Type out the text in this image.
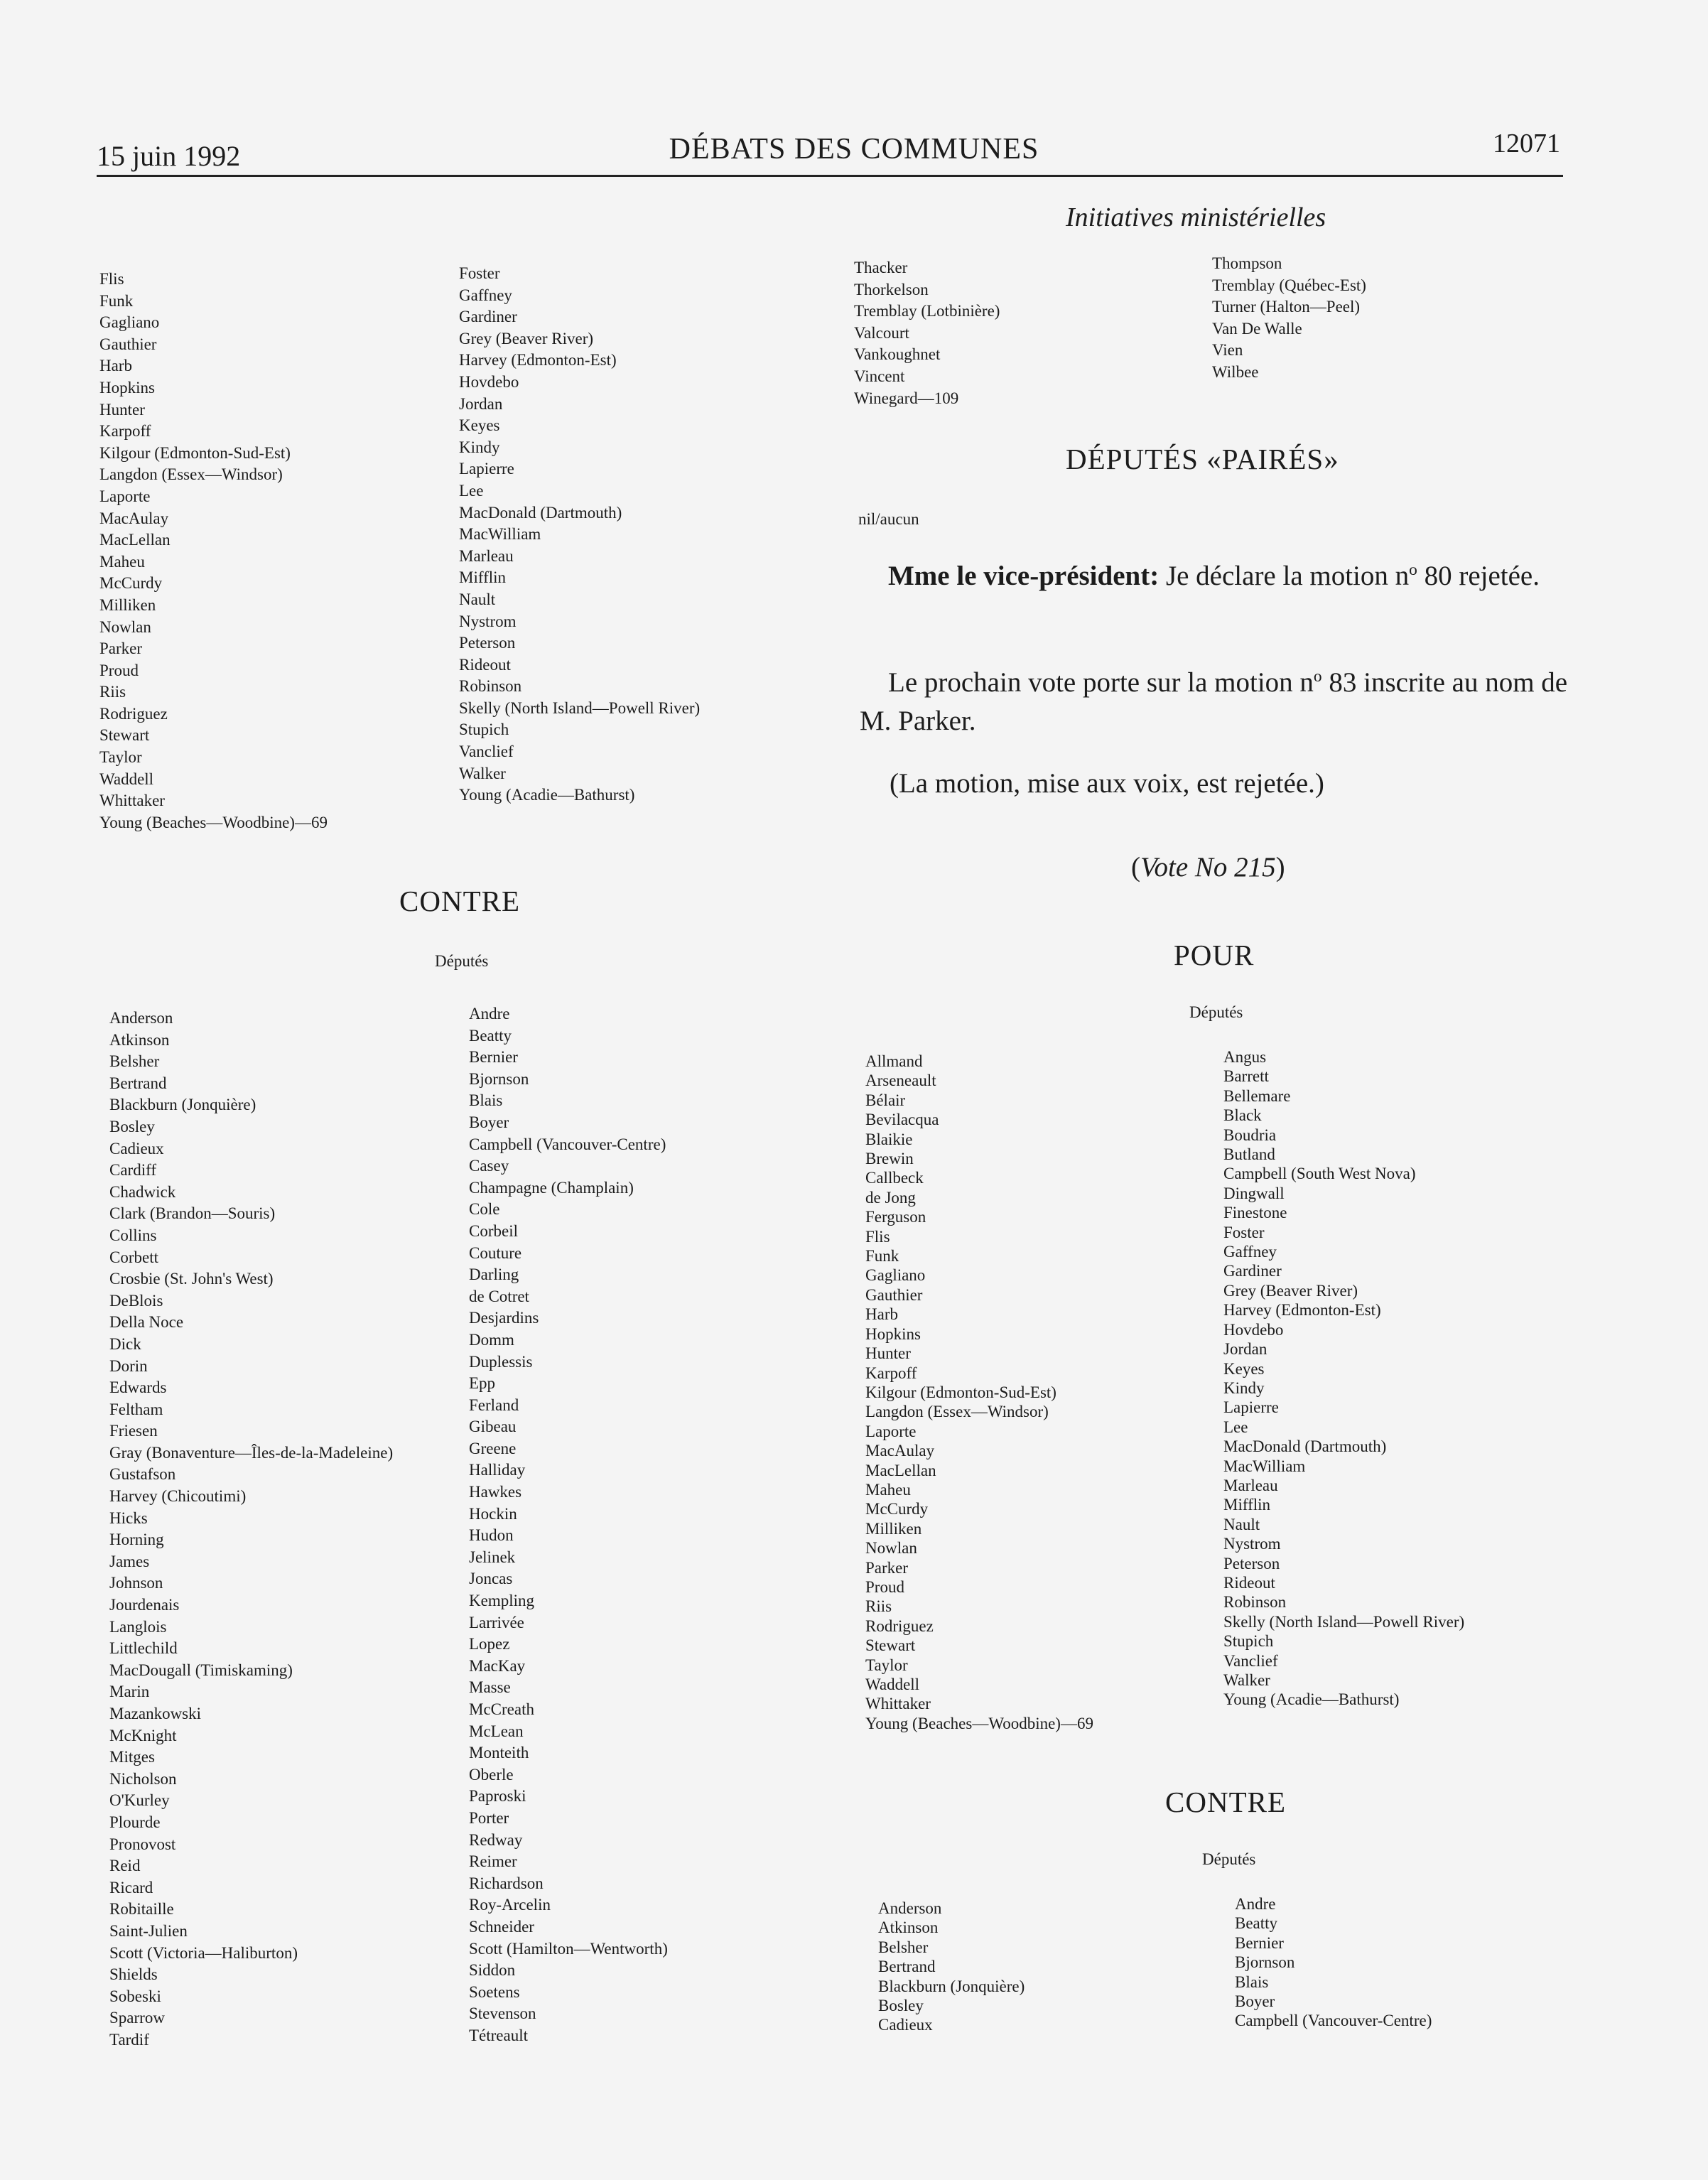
15 juin 1992	DÉBATS DES COMMUNES	12071
Initiatives ministérielles
Flis
Funk
Gagliano
Gauthier
Harb
Hopkins
Hunter
Karpoff
Kilgour (Edmonton-Sud-Est)
Langdon (Essex—Windsor)
Laporte
MacAulay
MacLellan
Maheu
McCurdy
Milliken
Nowlan
Parker
Proud
Riis
Rodriguez
Stewart
Taylor
Waddell
Whittaker
Young (Beaches—Woodbine)—69
Foster
Gaffney
Gardiner
Grey (Beaver River)
Harvey (Edmonton-Est)
Hovdebo
Jordan
Keyes
Kindy
Lapierre
Lee
MacDonald (Dartmouth)
MacWilliam
Marleau
Mifflin
Nault
Nystrom
Peterson
Rideout
Robinson
Skelly (North Island—Powell River)
Stupich
Vanclief
Walker
Young (Acadie—Bathurst)
CONTRE
Députés
Anderson
Atkinson
Belsher
Bertrand
Blackburn (Jonquière)
Bosley
Cadieux
Cardiff
Chadwick
Clark (Brandon—Souris)
Collins
Corbett
Crosbie (St. John's West)
DeBlois
Della Noce
Dick
Dorin
Edwards
Feltham
Friesen
Gray (Bonaventure—Îles-de-la-Madeleine)
Gustafson
Harvey (Chicoutimi)
Hicks
Horning
James
Johnson
Jourdenais
Langlois
Littlechild
MacDougall (Timiskaming)
Marin
Mazankowski
McKnight
Mitges
Nicholson
O'Kurley
Plourde
Pronovost
Reid
Ricard
Robitaille
Saint-Julien
Scott (Victoria—Haliburton)
Shields
Sobeski
Sparrow
Tardif
Andre
Beatty
Bernier
Bjornson
Blais
Boyer
Campbell (Vancouver-Centre)
Casey
Champagne (Champlain)
Cole
Corbeil
Couture
Darling
de Cotret
Desjardins
Domm
Duplessis
Epp
Ferland
Gibeau
Greene
Halliday
Hawkes
Hockin
Hudon
Jelinek
Joncas
Kempling
Larrivée
Lopez
MacKay
Masse
McCreath
McLean
Monteith
Oberle
Paproski
Porter
Redway
Reimer
Richardson
Roy-Arcelin
Schneider
Scott (Hamilton—Wentworth)
Siddon
Soetens
Stevenson
Tétreault
Thacker
Thorkelson
Tremblay (Lotbinière)
Valcourt
Vankoughnet
Vincent
Winegard—109
Thompson
Tremblay (Québec-Est)
Turner (Halton—Peel)
Van De Walle
Vien
Wilbee
DÉPUTÉS «PAIRÉS»
nil/aucun
Mme le vice-président: Je déclare la motion $n^o$ 80 rejetée.
Le prochain vote porte sur la motion $n^o$ 83 inscrite au nom de M. Parker.
(La motion, mise aux voix, est rejetée.)
(Vote No 215)
POUR
Députés
Allmand
Arseneault
Bélair
Bevilacqua
Blaikie
Brewin
Callbeck
de Jong
Ferguson
Flis
Funk
Gagliano
Gauthier
Harb
Hopkins
Hunter
Karpoff
Kilgour (Edmonton-Sud-Est)
Langdon (Essex—Windsor)
Laporte
MacAulay
MacLellan
Maheu
McCurdy
Milliken
Nowlan
Parker
Proud
Riis
Rodriguez
Stewart
Taylor
Waddell
Whittaker
Young (Beaches—Woodbine)—69
Angus
Barrett
Bellemare
Black
Boudria
Butland
Campbell (South West Nova)
Dingwall
Finestone
Foster
Gaffney
Gardiner
Grey (Beaver River)
Harvey (Edmonton-Est)
Hovdebo
Jordan
Keyes
Kindy
Lapierre
Lee
MacDonald (Dartmouth)
MacWilliam
Marleau
Mifflin
Nault
Nystrom
Peterson
Rideout
Robinson
Skelly (North Island—Powell River)
Stupich
Vanclief
Walker
Young (Acadie—Bathurst)
CONTRE
Députés
Anderson
Atkinson
Belsher
Bertrand
Blackburn (Jonquière)
Bosley
Cadieux
Andre
Beatty
Bernier
Bjornson
Blais
Boyer
Campbell (Vancouver-Centre)
